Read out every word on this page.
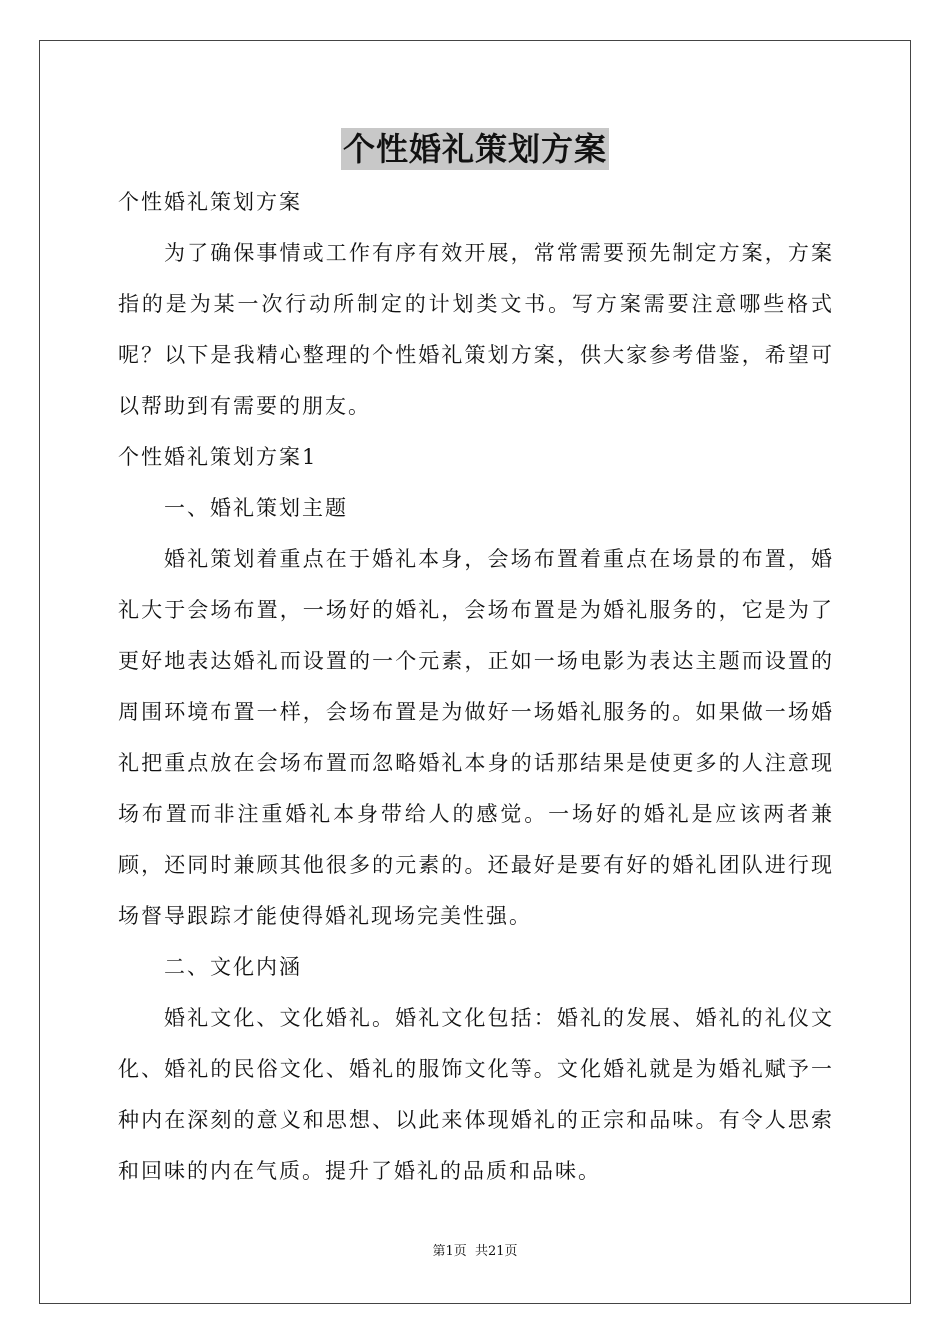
个性婚礼策划方案

个性婚礼策划方案

为了确保事情或工作有序有效开展，常常需要预先制定方案，方案指的是为某一次行动所制定的计划类文书。写方案需要注意哪些格式呢？以下是我精心整理的个性婚礼策划方案，供大家参考借鉴，希望可以帮助到有需要的朋友。

个性婚礼策划方案1

一、婚礼策划主题

婚礼策划着重点在于婚礼本身，会场布置着重点在场景的布置，婚礼大于会场布置，一场好的婚礼，会场布置是为婚礼服务的，它是为了更好地表达婚礼而设置的一个元素，正如一场电影为表达主题而设置的周围环境布置一样，会场布置是为做好一场婚礼服务的。如果做一场婚礼把重点放在会场布置而忽略婚礼本身的话那结果是使更多的人注意现场布置而非注重婚礼本身带给人的感觉。一场好的婚礼是应该两者兼顾，还同时兼顾其他很多的元素的。还最好是要有好的婚礼团队进行现场督导跟踪才能使得婚礼现场完美性强。

二、文化内涵

婚礼文化、文化婚礼。婚礼文化包括：婚礼的发展、婚礼的礼仪文化、婚礼的民俗文化、婚礼的服饰文化等。文化婚礼就是为婚礼赋予一种内在深刻的意义和思想、以此来体现婚礼的正宗和品味。有令人思索和回味的内在气质。提升了婚礼的品质和品味。

第1页 共21页
